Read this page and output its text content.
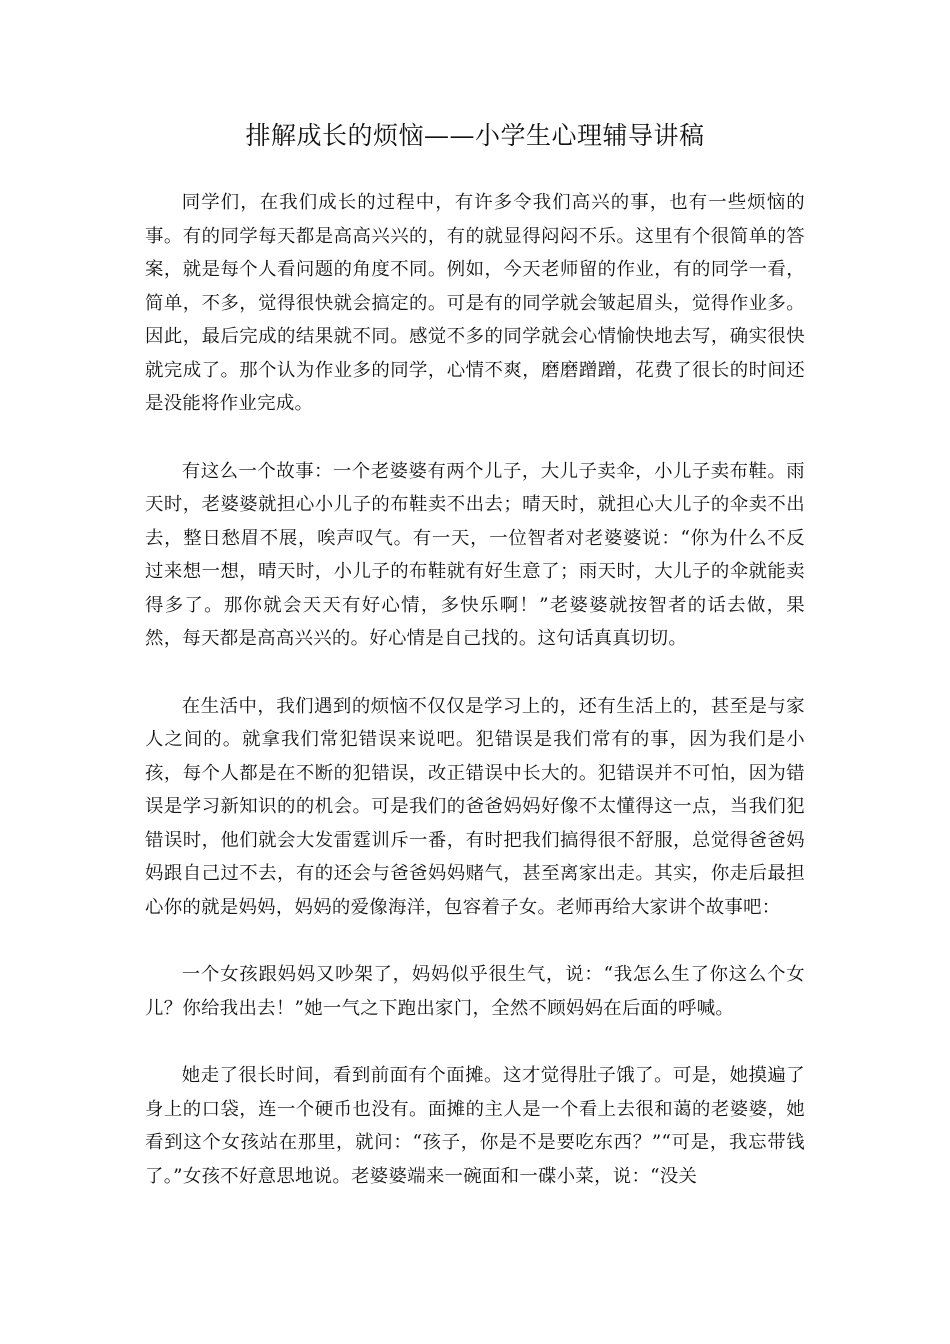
排解成长的烦恼——小学生心理辅导讲稿

同学们，在我们成长的过程中，有许多令我们高兴的事，也有一些烦恼的事。有的同学每天都是高高兴兴的，有的就显得闷闷不乐。这里有个很简单的答案，就是每个人看问题的角度不同。例如，今天老师留的作业，有的同学一看，简单，不多，觉得很快就会搞定的。可是有的同学就会皱起眉头，觉得作业多。因此，最后完成的结果就不同。感觉不多的同学就会心情愉快地去写，确实很快就完成了。那个认为作业多的同学，心情不爽，磨磨蹭蹭，花费了很长的时间还是没能将作业完成。

有这么一个故事：一个老婆婆有两个儿子，大儿子卖伞，小儿子卖布鞋。雨天时，老婆婆就担心小儿子的布鞋卖不出去；晴天时，就担心大儿子的伞卖不出去，整日愁眉不展，唉声叹气。有一天，一位智者对老婆婆说：“你为什么不反过来想一想，晴天时，小儿子的布鞋就有好生意了；雨天时，大儿子的伞就能卖得多了。那你就会天天有好心情，多快乐啊！”老婆婆就按智者的话去做，果然，每天都是高高兴兴的。好心情是自己找的。这句话真真切切。

在生活中，我们遇到的烦恼不仅仅是学习上的，还有生活上的，甚至是与家人之间的。就拿我们常犯错误来说吧。犯错误是我们常有的事，因为我们是小孩，每个人都是在不断的犯错误，改正错误中长大的。犯错误并不可怕，因为错误是学习新知识的的机会。可是我们的爸爸妈妈好像不太懂得这一点，当我们犯错误时，他们就会大发雷霆训斥一番，有时把我们搞得很不舒服，总觉得爸爸妈妈跟自己过不去，有的还会与爸爸妈妈赌气，甚至离家出走。其实，你走后最担心你的就是妈妈，妈妈的爱像海洋，包容着子女。老师再给大家讲个故事吧：

一个女孩跟妈妈又吵架了，妈妈似乎很生气，说：“我怎么生了你这么个女儿？你给我出去！”她一气之下跑出家门，全然不顾妈妈在后面的呼喊。

她走了很长时间，看到前面有个面摊。这才觉得肚子饿了。可是，她摸遍了身上的口袋，连一个硬币也没有。面摊的主人是一个看上去很和蔼的老婆婆，她看到这个女孩站在那里，就问：“孩子，你是不是要吃东西？”“可是，我忘带钱了。”女孩不好意思地说。老婆婆端来一碗面和一碟小菜，说：“没关
